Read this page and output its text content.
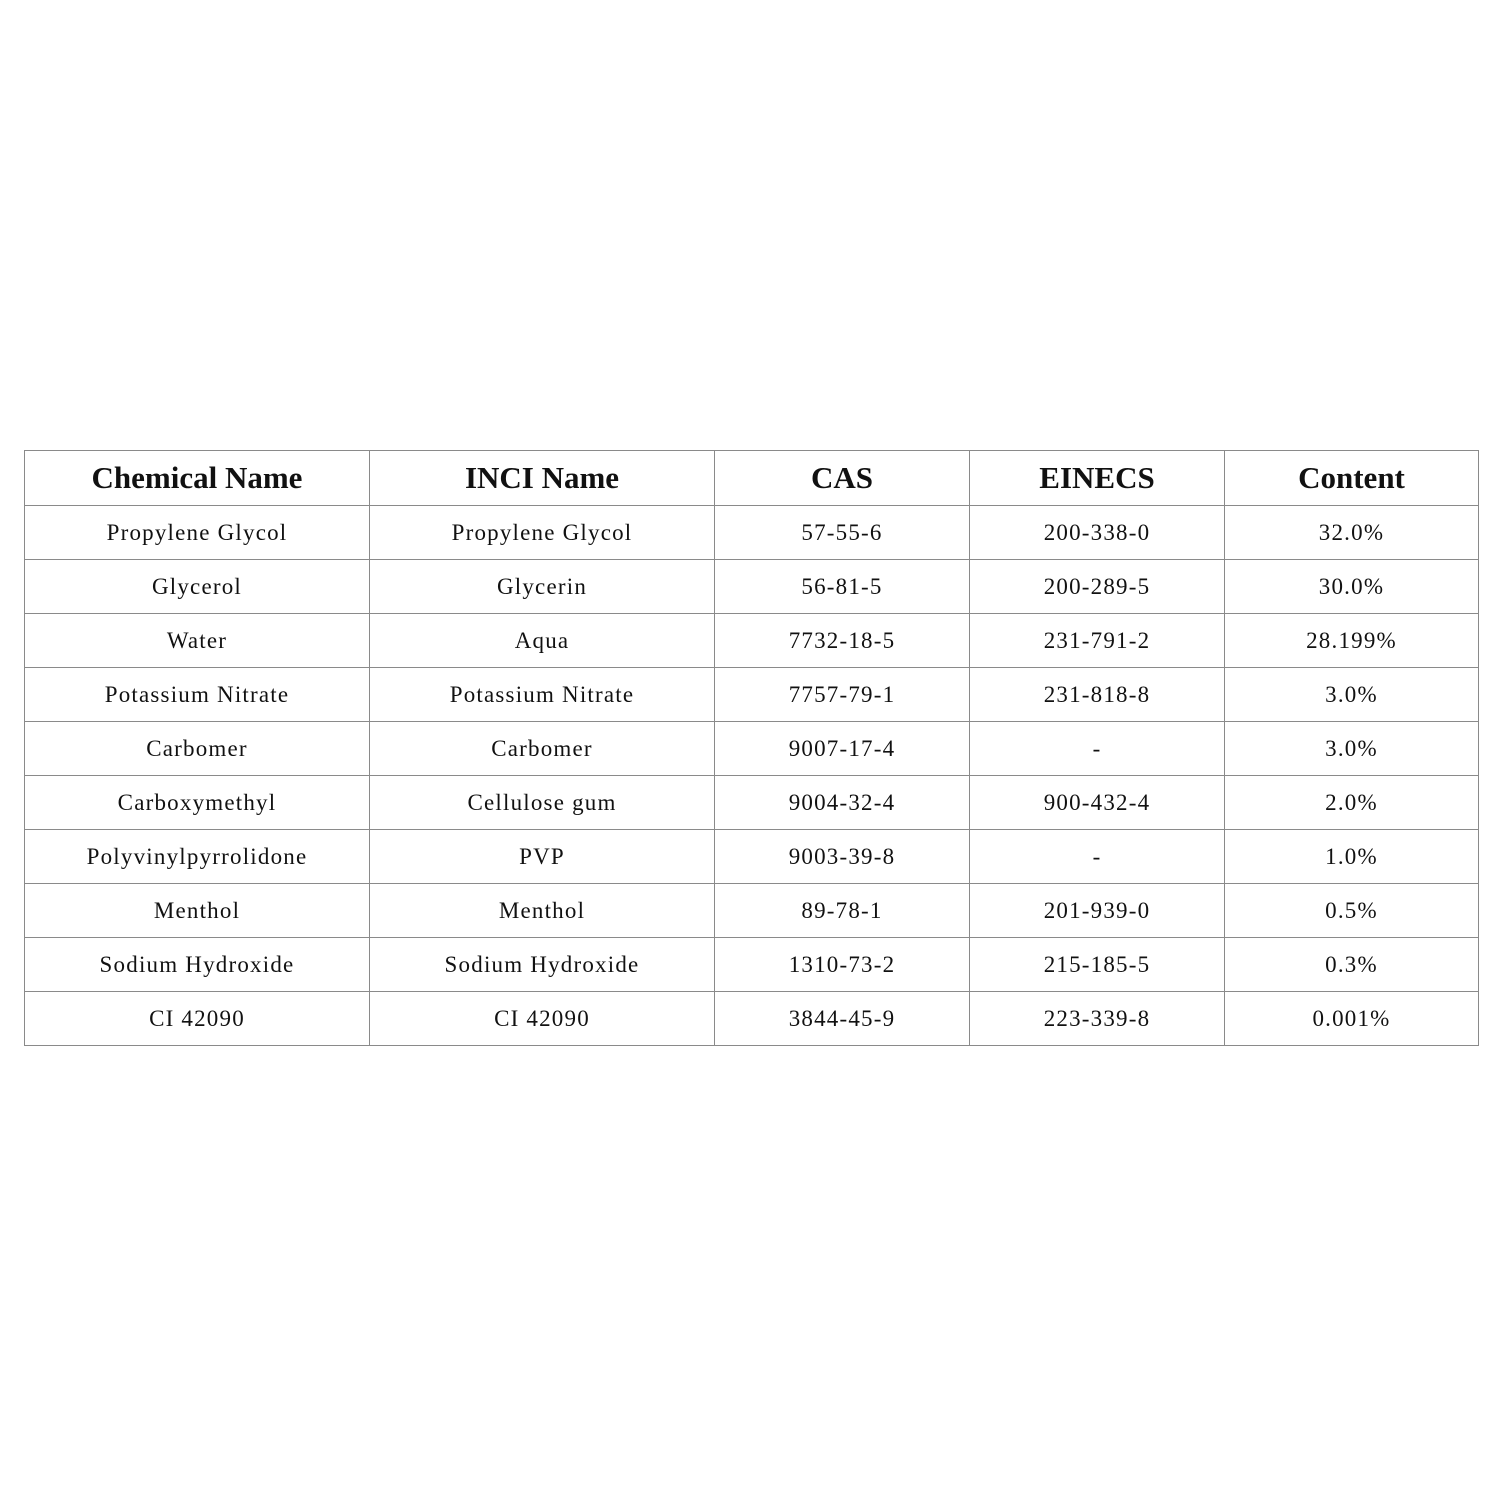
Chemical Name	INCI Name	CAS	EINECS	Content
Propylene Glycol	Propylene Glycol	57-55-6	200-338-0	32.0%
Glycerol	Glycerin	56-81-5	200-289-5	30.0%
Water	Aqua	7732-18-5	231-791-2	28.199%
Potassium Nitrate	Potassium Nitrate	7757-79-1	231-818-8	3.0%
Carbomer	Carbomer	9007-17-4	-	3.0%
Carboxymethyl	Cellulose gum	9004-32-4	900-432-4	2.0%
Polyvinylpyrrolidone	PVP	9003-39-8	-	1.0%
Menthol	Menthol	89-78-1	201-939-0	0.5%
Sodium Hydroxide	Sodium Hydroxide	1310-73-2	215-185-5	0.3%
CI 42090	CI 42090	3844-45-9	223-339-8	0.001%
